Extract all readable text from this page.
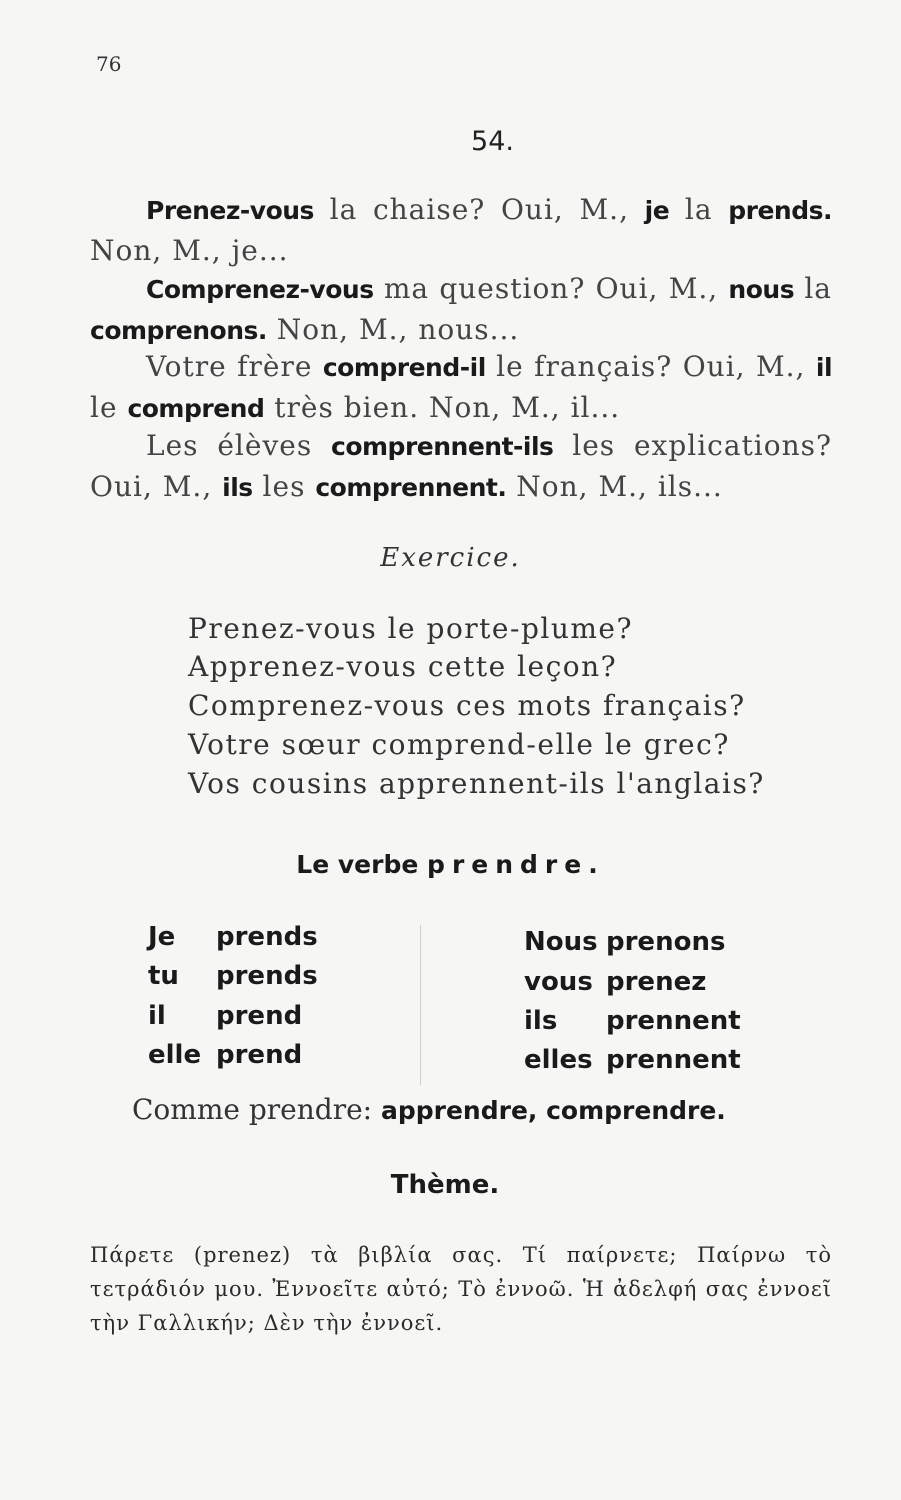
76
54.
Prenez-vous la chaise? Oui, M., je la prends. Non, M., je...
Comprenez-vous ma question? Oui, M., nous la comprenons. Non, M., nous...
Votre frère comprend-il le français? Oui, M., il le comprend très bien. Non, M., il...
Les élèves comprennent-ils les explications? Oui, M., ils les comprennent. Non, M., ils...
Exercice.
Prenez-vous le porte-plume?
Apprenez-vous cette leçon?
Comprenez-vous ces mots français?
Votre sœur comprend-elle le grec?
Vos cousins apprennent-ils l'anglais?
Le verbe prendre.
Je prends
tu prends
il prend
elle prend
Nous prenons
vous prenez
ils prennent
elles prennent
Comme prendre: apprendre, comprendre.
Thème.
Πάρετε (prenez) τὰ βιβλία σας. Τί παίρνετε; Παίρνω τὸ τετράδιόν μου. Ἐννοεῖτε αὐτό; Τὸ ἐννοῶ. Ἡ ἀδελφή σας ἐννοεῖ τὴν Γαλλικήν; Δὲν τὴν ἐννοεῖ.
